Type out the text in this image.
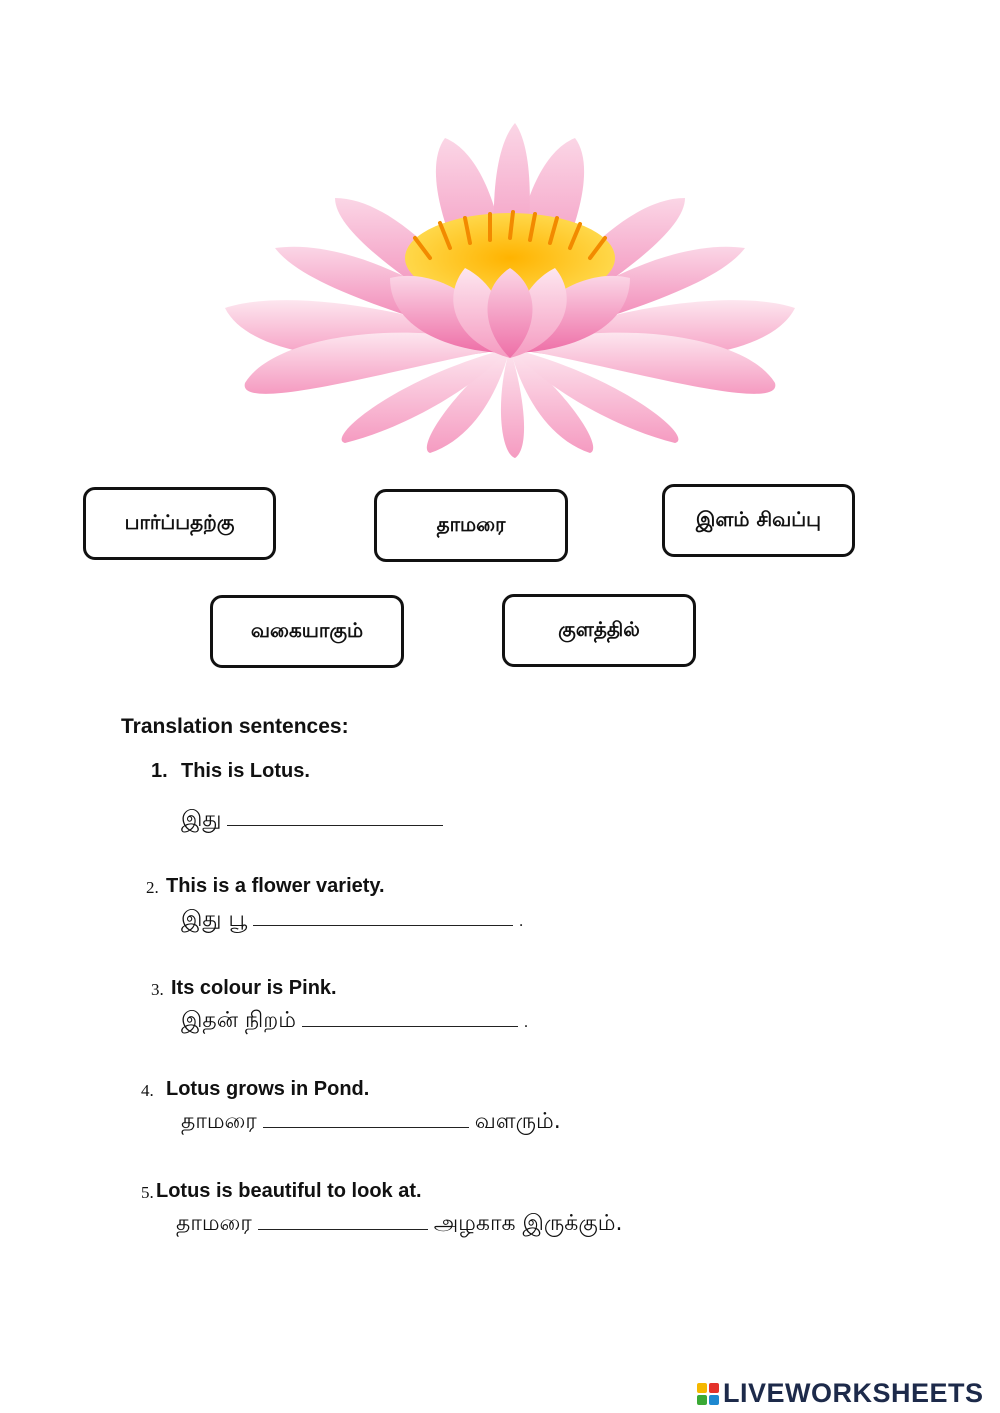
பார்ப்பதற்கு	தாமரை	இளம் சிவப்பு
வகையாகும்	குளத்தில்
Translation sentences:
1. This is Lotus.
இது
2. This is a flower variety.
இது பூ	.
3. Its colour is Pink.
இதன் நிறம்	.
4. Lotus grows in Pond.
தாமரை	வளரும்.
5. Lotus is beautiful to look at.
தாமரை	அழகாக இருக்கும்.
LIVEWORKSHEETS
